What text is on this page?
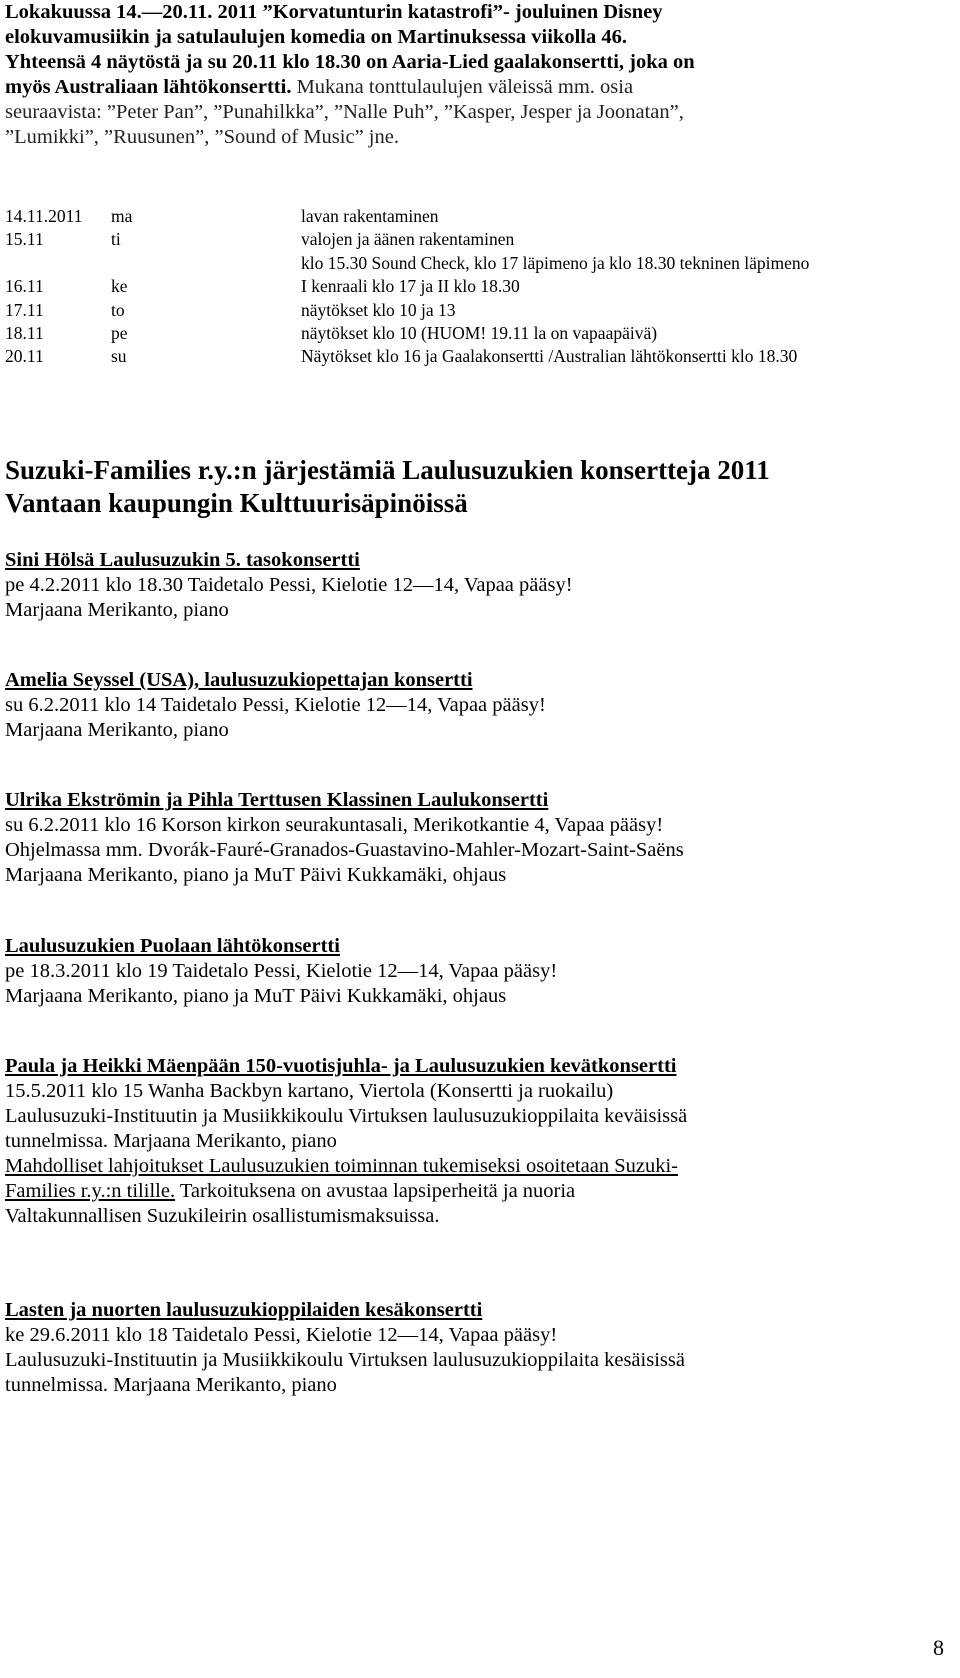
Lokakuussa 14.—20.11. 2011 ”Korvatunturin katastrofi”- jouluinen Disney
elokuvamusiikin ja satulaulujen komedia on Martinuksessa viikolla 46.
Yhteensä 4 näytöstä ja su 20.11 klo 18.30 on Aaria-Lied gaalakonsertti, joka on
myös Australiaan lähtökonsertti. Mukana tonttulaulujen väleissä mm. osia
seuraavista: ”Peter Pan”, ”Punahilkka”, ”Nalle Puh”, ”Kasper, Jesper ja Joonatan”,
”Lumikki”, ”Ruusunen”, ”Sound of Music” jne.
14.11.2011 ma	lavan rakentaminen
15.11	ti	valojen ja äänen rakentaminen
klo 15.30 Sound Check, klo 17 läpimeno ja klo 18.30 tekninen läpimeno
16.11	ke	I kenraali klo 17 ja II klo 18.30
17.11	to	näytökset klo 10 ja 13
18.11	pe	näytökset klo 10 (HUOM! 19.11 la on vapaapäivä)
20.11	su	Näytökset klo 16 ja Gaalakonsertti /Australian lähtökonsertti klo 18.30
Suzuki-Families r.y.:n järjestämiä Laulusuzukien konsertteja 2011
Vantaan kaupungin Kulttuurisäpinöissä
Sini Hölsä Laulusuzukin 5. tasokonsertti
pe 4.2.2011 klo 18.30 Taidetalo Pessi, Kielotie 12—14, Vapaa pääsy!
Marjaana Merikanto, piano
Amelia Seyssel (USA), laulusuzukiopettajan konsertti
su 6.2.2011 klo 14 Taidetalo Pessi, Kielotie 12—14, Vapaa pääsy!
Marjaana Merikanto, piano
Ulrika Ekströmin ja Pihla Terttusen Klassinen Laulukonsertti
su 6.2.2011 klo 16 Korson kirkon seurakuntasali, Merikotkantie 4, Vapaa pääsy!
Ohjelmassa mm. Dvorák-Fauré-Granados-Guastavino-Mahler-Mozart-Saint-Saëns
Marjaana Merikanto, piano ja MuT Päivi Kukkamäki, ohjaus
Laulusuzukien Puolaan lähtökonsertti
pe 18.3.2011 klo 19 Taidetalo Pessi, Kielotie 12—14, Vapaa pääsy!
Marjaana Merikanto, piano ja MuT Päivi Kukkamäki, ohjaus
Paula ja Heikki Mäenpään 150-vuotisjuhla- ja Laulusuzukien kevätkonsertti
15.5.2011 klo 15 Wanha Backbyn kartano, Viertola (Konsertti ja ruokailu)
Laulusuzuki-Instituutin ja Musiikkikoulu Virtuksen laulusuzukioppilaita keväisissä
tunnelmissa. Marjaana Merikanto, piano
Mahdolliset lahjoitukset Laulusuzukien toiminnan tukemiseksi osoitetaan Suzuki-
Families r.y.:n tilille. Tarkoituksena on avustaa lapsiperheitä ja nuoria
Valtakunnallisen Suzukileirin osallistumismaksuissa.
Lasten ja nuorten laulusuzukioppilaiden kesäkonsertti
ke 29.6.2011 klo 18 Taidetalo Pessi, Kielotie 12—14, Vapaa pääsy!
Laulusuzuki-Instituutin ja Musiikkikoulu Virtuksen laulusuzukioppilaita kesäisissä
tunnelmissa. Marjaana Merikanto, piano
8
